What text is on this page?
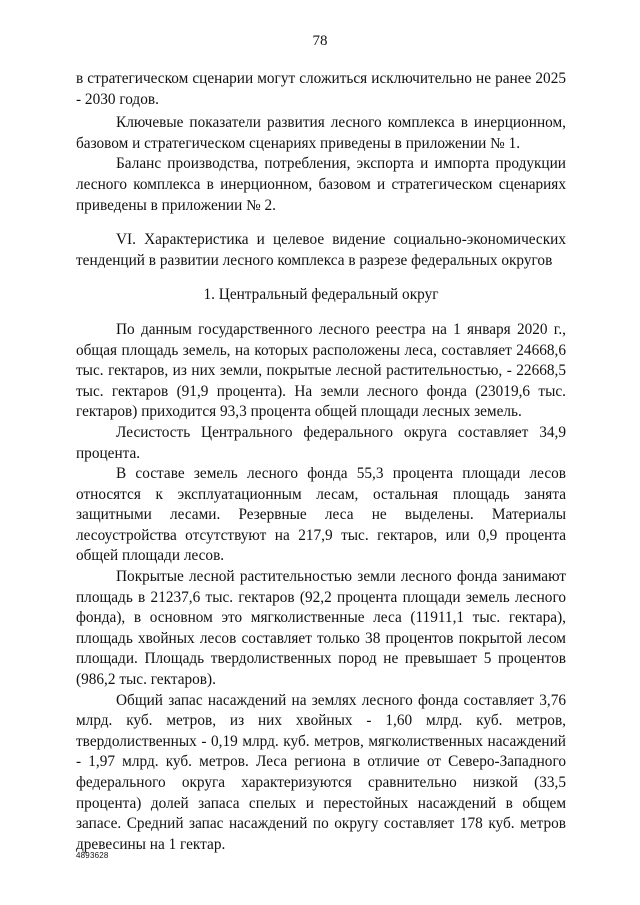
78

в стратегическом сценарии могут сложиться исключительно не ранее 2025 - 2030 годов.

Ключевые показатели развития лесного комплекса в инерционном, базовом и стратегическом сценариях приведены в приложении № 1.

Баланс производства, потребления, экспорта и импорта продукции лесного комплекса в инерционном, базовом и стратегическом сценариях приведены в приложении № 2.

VI. Характеристика и целевое видение социально-экономических тенденций в развитии лесного комплекса в разрезе федеральных округов

1. Центральный федеральный округ

По данным государственного лесного реестра на 1 января 2020 г., общая площадь земель, на которых расположены леса, составляет 24668,6 тыс. гектаров, из них земли, покрытые лесной растительностью, - 22668,5 тыс. гектаров (91,9 процента). На земли лесного фонда (23019,6 тыс. гектаров) приходится 93,3 процента общей площади лесных земель.

Лесистость Центрального федерального округа составляет 34,9 процента.

В составе земель лесного фонда 55,3 процента площади лесов относятся к эксплуатационным лесам, остальная площадь занята защитными лесами. Резервные леса не выделены. Материалы лесоустройства отсутствуют на 217,9 тыс. гектаров, или 0,9 процента общей площади лесов.

Покрытые лесной растительностью земли лесного фонда занимают площадь в 21237,6 тыс. гектаров (92,2 процента площади земель лесного фонда), в основном это мягколиственные леса (11911,1 тыс. гектара), площадь хвойных лесов составляет только 38 процентов покрытой лесом площади. Площадь твердолиственных пород не превышает 5 процентов (986,2 тыс. гектаров).

Общий запас насаждений на землях лесного фонда составляет 3,76 млрд. куб. метров, из них хвойных - 1,60 млрд. куб. метров, твердолиственных - 0,19 млрд. куб. метров, мягколиственных насаждений - 1,97 млрд. куб. метров. Леса региона в отличие от Северо-Западного федерального округа характеризуются сравнительно низкой (33,5 процента) долей запаса спелых и перестойных насаждений в общем запасе. Средний запас насаждений по округу составляет 178 куб. метров древесины на 1 гектар.

4893628
